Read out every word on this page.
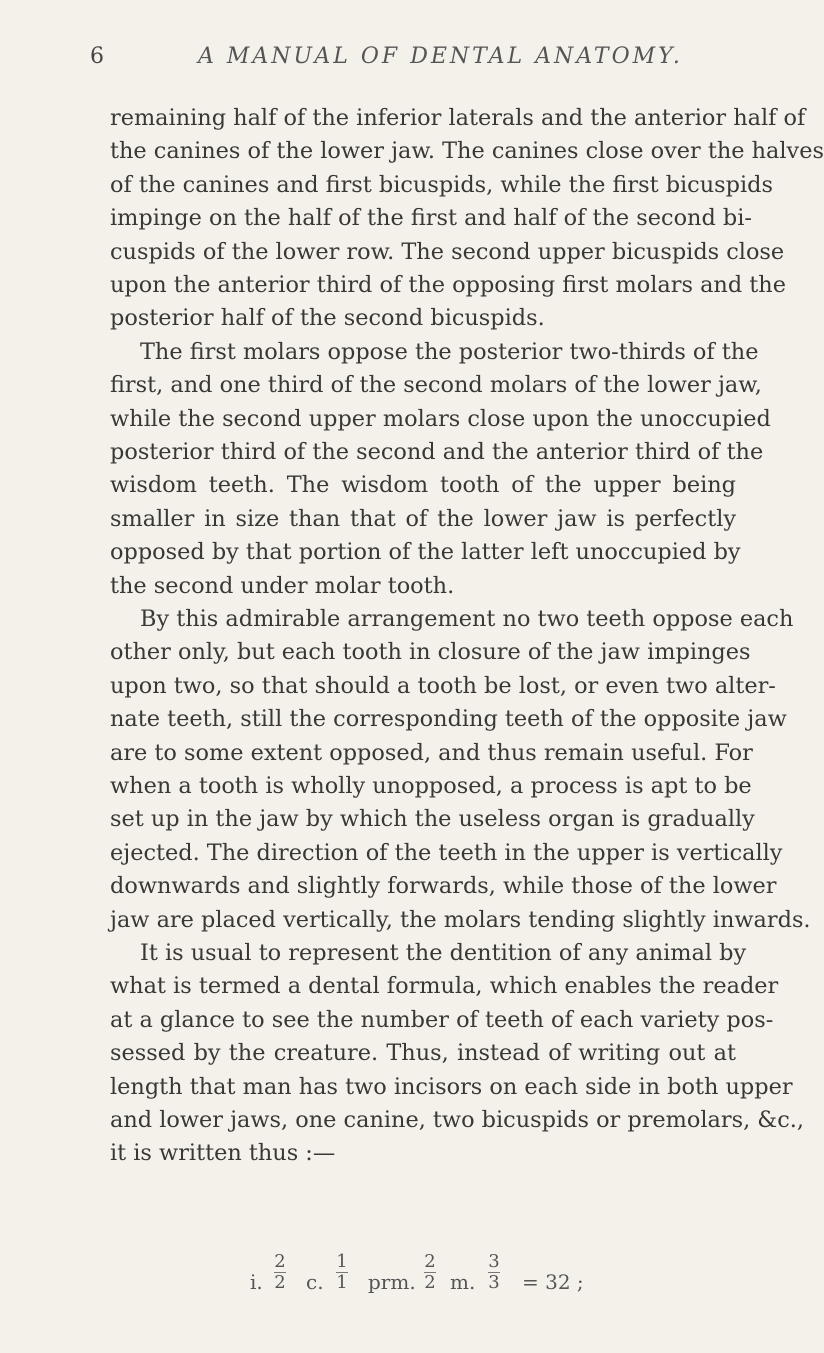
6	A MANUAL OF DENTAL ANATOMY.
remaining half of the inferior laterals and the anterior half of
the canines of the lower jaw. The canines close over the halves
of the canines and first bicuspids, while the first bicuspids
impinge on the half of the first and half of the second bi-
cuspids of the lower row. The second upper bicuspids close
upon the anterior third of the opposing first molars and the
posterior half of the second bicuspids.
The first molars oppose the posterior two-thirds of the
first, and one third of the second molars of the lower jaw,
while the second upper molars close upon the unoccupied
posterior third of the second and the anterior third of the
wisdom teeth. The wisdom tooth of the upper being
smaller in size than that of the lower jaw is perfectly
opposed by that portion of the latter left unoccupied by
the second under molar tooth.
By this admirable arrangement no two teeth oppose each
other only, but each tooth in closure of the jaw impinges
upon two, so that should a tooth be lost, or even two alter-
nate teeth, still the corresponding teeth of the opposite jaw
are to some extent opposed, and thus remain useful. For
when a tooth is wholly unopposed, a process is apt to be
set up in the jaw by which the useless organ is gradually
ejected. The direction of the teeth in the upper is vertically
downwards and slightly forwards, while those of the lower
jaw are placed vertically, the molars tending slightly inwards.
It is usual to represent the dentition of any animal by
what is termed a dental formula, which enables the reader
at a glance to see the number of teeth of each variety pos-
sessed by the creature. Thus, instead of writing out at
length that man has two incisors on each side in both upper
and lower jaws, one canine, two bicuspids or premolars, &c.,
it is written thus :—
i.
2
2 c.
1
1 prm.
2
2 m.
3
3 = 32 ;
